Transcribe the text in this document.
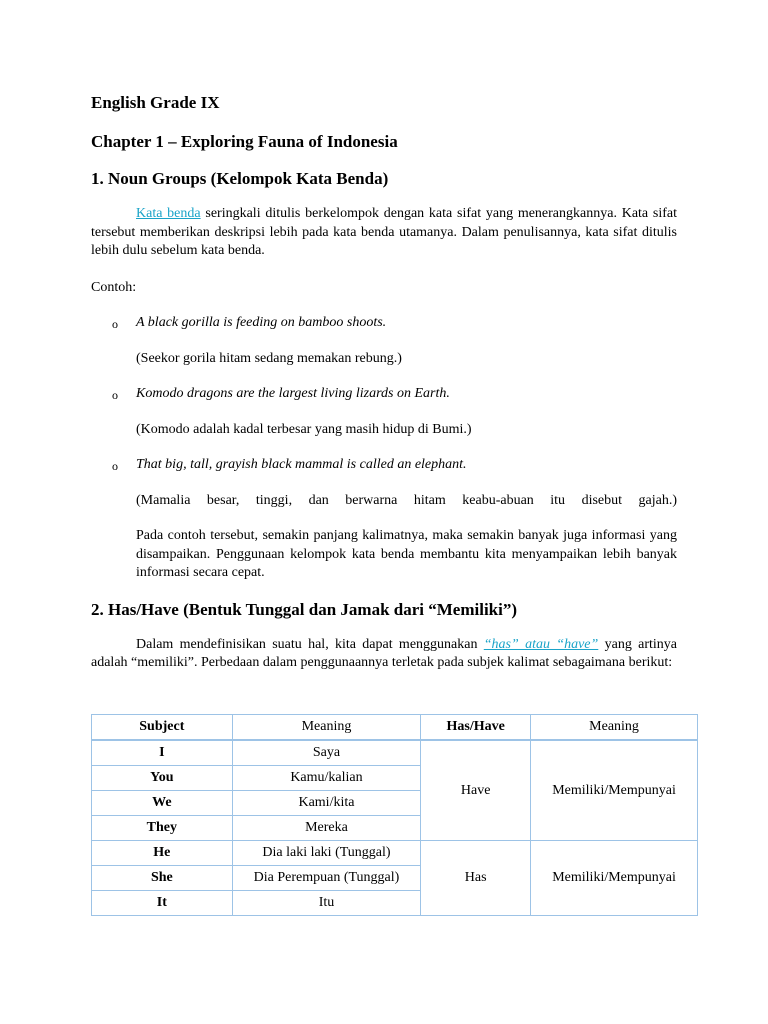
English Grade IX

Chapter 1 – Exploring Fauna of Indonesia

1. Noun Groups (Kelompok Kata Benda)

Kata benda seringkali ditulis berkelompok dengan kata sifat yang menerangkannya. Kata sifat tersebut memberikan deskripsi lebih pada kata benda utamanya. Dalam penulisannya, kata sifat ditulis lebih dulu sebelum kata benda.

Contoh:

o A black gorilla is feeding on bamboo shoots.
(Seekor gorila hitam sedang memakan rebung.)
o Komodo dragons are the largest living lizards on Earth.
(Komodo adalah kadal terbesar yang masih hidup di Bumi.)
o That big, tall, grayish black mammal is called an elephant.
(Mamalia besar, tinggi, dan berwarna hitam keabu-abuan itu disebut gajah.)
Pada contoh tersebut, semakin panjang kalimatnya, maka semakin banyak juga informasi yang disampaikan. Penggunaan kelompok kata benda membantu kita menyampaikan lebih banyak informasi secara cepat.

2. Has/Have (Bentuk Tunggal dan Jamak dari “Memiliki”)

Dalam mendefinisikan suatu hal, kita dapat menggunakan “has” atau “have” yang artinya adalah “memiliki”. Perbedaan dalam penggunaannya terletak pada subjek kalimat sebagaimana berikut:

Subject	Meaning	Has/Have	Meaning
I	Saya	Have	Memiliki/Mempunyai
You	Kamu/kalian		
We	Kami/kita		
They	Mereka		
He	Dia laki laki (Tunggal)	Has	Memiliki/Mempunyai
She	Dia Perempuan (Tunggal)		
It	Itu		
